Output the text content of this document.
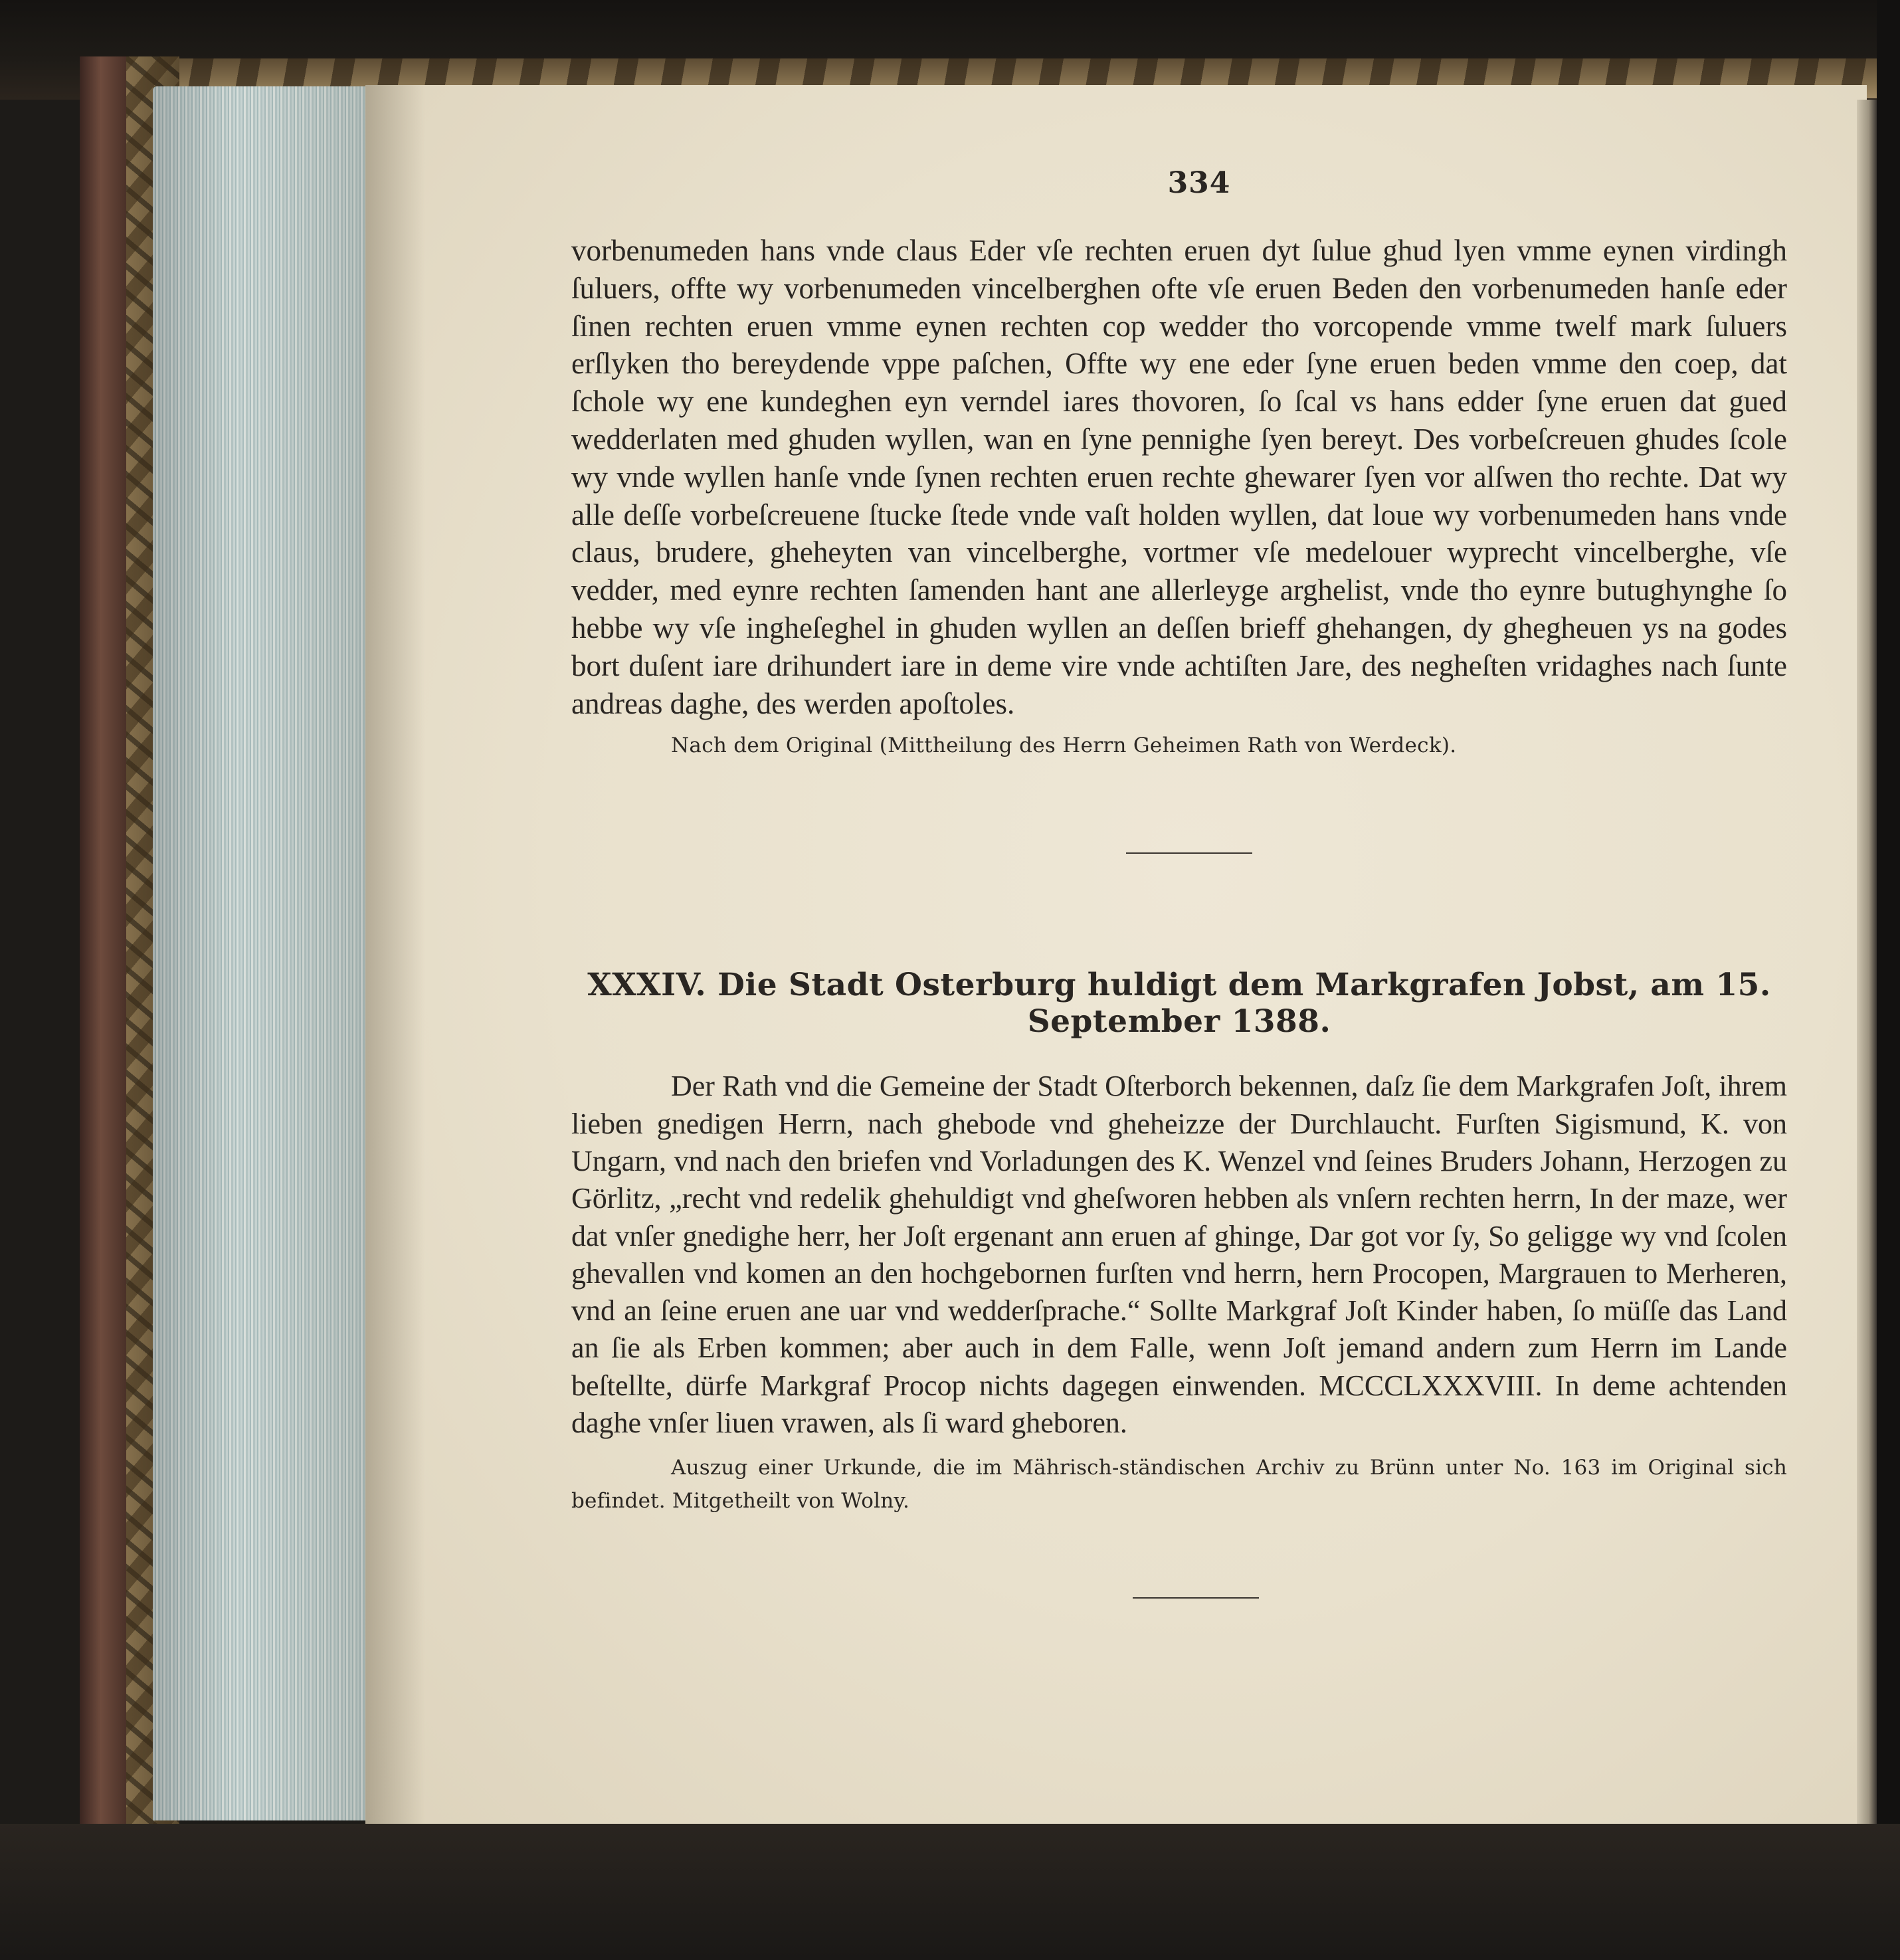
334

vorbenumeden hans vnde claus Eder vſe rechten eruen dyt ſulue ghud lyen vmme eynen virdingh ſuluers, offte wy vorbenumeden vincelberghen ofte vſe eruen Beden den vorbenumeden hanſe eder ſinen rechten eruen vmme eynen rechten cop wedder tho vorcopende vmme twelf mark ſuluers erſlyken tho bereydende vppe paſchen, Offte wy ene eder ſyne eruen beden vmme den coep, dat ſchole wy ene kundeghen eyn verndel iares thovoren, ſo ſcal vs hans edder ſyne eruen dat gued wedderlaten med ghuden wyllen, wan en ſyne pennighe ſyen bereyt. Des vorbeſcreuen ghudes ſcole wy vnde wyllen hanſe vnde ſynen rechten eruen rechte ghewarer ſyen vor alſwen tho rechte. Dat wy alle deſſe vorbeſcreuene ſtucke ſtede vnde vaſt holden wyllen, dat loue wy vorbenumeden hans vnde claus, brudere, gheheyten van vincelberghe, vortmer vſe medelouer wyprecht vincelberghe, vſe vedder, med eynre rechten ſamenden hant ane allerleyge arghelist, vnde tho eynre butughynghe ſo hebbe wy vſe ingheſeghel in ghuden wyllen an deſſen brieff ghehangen, dy ghegheuen ys na godes bort duſent iare drihundert iare in deme vire vnde achtiſten Jare, des negheſten vridaghes nach ſunte andreas daghe, des werden apoſtoles.

Nach dem Original (Mittheilung des Herrn Geheimen Rath von Werdeck).

XXXIV. Die Stadt Osterburg huldigt dem Markgrafen Jobst, am 15. September 1388.

Der Rath vnd die Gemeine der Stadt Oſterborch bekennen, daſz ſie dem Markgrafen Joſt, ihrem lieben gnedigen Herrn, nach ghebode vnd gheheizze der Durchlaucht. Furſten Sigismund, K. von Ungarn, vnd nach den briefen vnd Vorladungen des K. Wenzel vnd ſeines Bruders Johann, Herzogen zu Görlitz, „recht vnd redelik ghehuldigt vnd gheſworen hebben als vnſern rechten herrn, In der maze, wer dat vnſer gnedighe herr, her Joſt ergenant ann eruen af ghinge, Dar got vor ſy, So geligge wy vnd ſcolen ghevallen vnd komen an den hochgebornen furſten vnd herrn, hern Procopen, Margrauen to Merheren, vnd an ſeine eruen ane uar vnd wedderſprache.“ Sollte Markgraf Joſt Kinder haben, ſo müſſe das Land an ſie als Erben kommen; aber auch in dem Falle, wenn Joſt jemand andern zum Herrn im Lande beſtellte, dürfe Markgraf Procop nichts dagegen einwenden. MCCCLXXXVIII. In deme achtenden daghe vnſer liuen vrawen, als ſi ward gheboren.

Auszug einer Urkunde, die im Mährisch-ständischen Archiv zu Brünn unter No. 163 im Original sich befindet. Mitgetheilt von Wolny.
